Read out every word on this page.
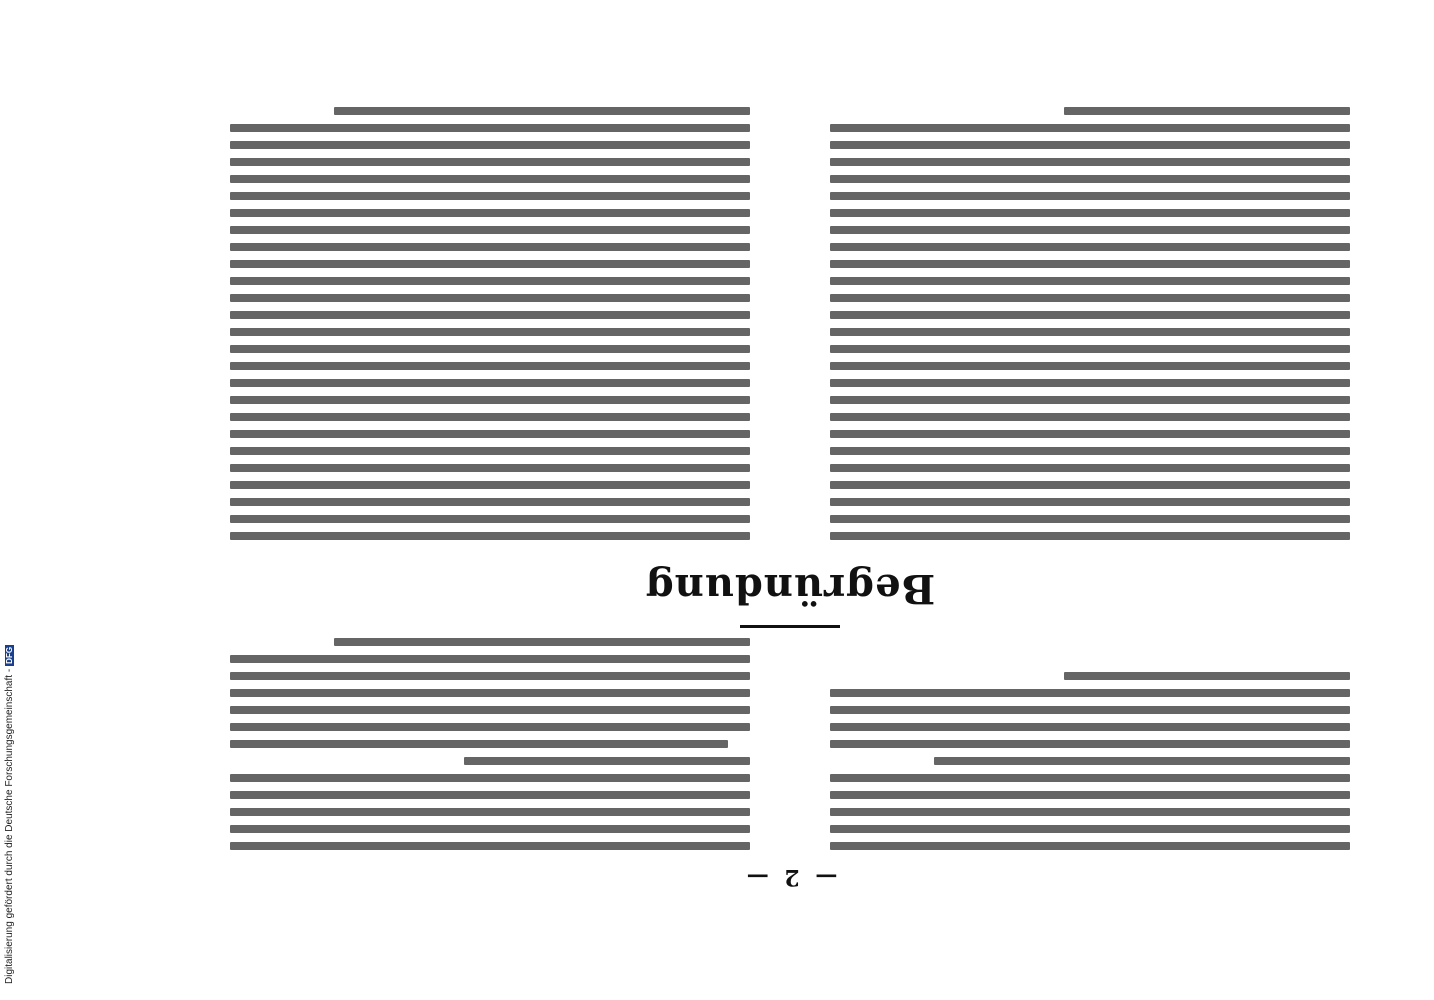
— 2 —
Begründung
Digitalisierung gefördert durch die Deutsche Forschungsgemeinschaft -DFG
